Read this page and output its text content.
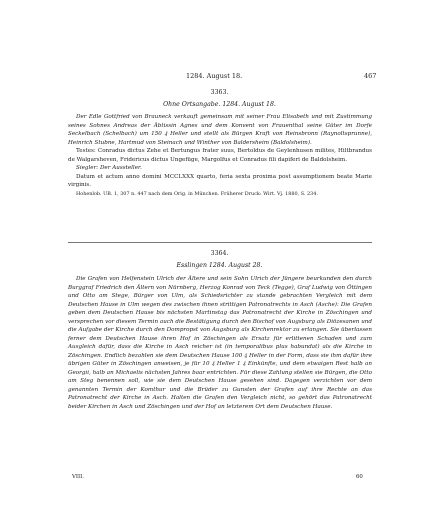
1284. August 18.	467
3363.
Ohne Ortsangabe. 1284. August 18.

Der Edle Gottfried von Brauneck verkauft gemeinsam mit seiner Frau Elisabeth und mit Zustimmung seines Sohnes Andreas der Äbtissin Agnes und dem Konvent von Frauenthal seine Güter im Dorfe Seckelbach (Schelbach) um 150 ₰ Heller und stellt als Bürgen Kraft von Reinsbronn (Raynoltsprunne), Heinrich Stubne, Hartmud von Steinach und Winther von Baldersheim (Baldolsheim).

Testes: Conradus dictus Zehe et Bertungus frater suus, Bertoldus de Geylenhusen milites, Hiltbrandus de Walgarsheven, Fridericus dictus Ungefüge, Margolfus et Conradus fili dapiferi de Baldolsheim.

Siegler: Der Aussteller.

Datum et actum anno domini MCCLXXX quarto, feria sexta proxima post assumptionem beate Marie virginis.

Hohenlob. UB. 1, 307 n. 447 nach dem Orig. in München. Früherer Druck: Wirt. Vj. 1880, S. 234.

3364.
Esslingen 1284. August 28.

Die Grafen von Helfenstein Ulrich der Ältere und sein Sohn Ulrich der Jüngere beurkunden den durch Burggraf Friedrich den Ältern von Nürnberg, Herzog Konrad von Teck (Tegge), Graf Ludwig von Öttingen und Otto am Stege, Bürger von Ulm, als Schiedsrichter zu stande gebrachten Vergleich mit dem Deutschen Hause in Ulm wegen des zwischen ihnen strittigen Patronatrechts in Asch (Asche): Die Grafen geben dem Deutschen Hause bis nächsten Martinstag das Patronatrecht der Kirche in Zöschingen und versprechen vor diesem Termin auch die Bestätigung durch den Bischof von Augsburg als Diözesanen und die Aufgabe der Kirche durch den Dompropst von Augsburg als Kirchenrektor zu erlangen. Sie überlassen ferner dem Deutschen Hause ihren Hof in Zöschingen als Ersatz für erlittenen Schaden und zum Ausgleich dafür, dass die Kirche in Asch reicher ist (in temporalibus plus habundat) als die Kirche in Zöschingen. Endlich bezahlen sie dem Deutschen Hause 100 ₰ Heller in der Form, dass sie ihm dafür ihre übrigen Güter in Zöschingen anweisen, je für 10 ₰ Heller 1 ₰ Einkünfte, und dem etwaigen Rest halb an Georgii, halb an Michaelis nächsten Jahres baar entrichten. Für diese Zahlung stellen sie Bürgen, die Otto am Steg benennen soll, wie sie dem Deutschen Hause gesehen sind. Dagegen verzichten vor dem genannten Termin der Komthur und die Brüder zu Gunsten der Grafen auf ihre Rechte an das Patronatrecht der Kirche in Asch. Halten die Grafen den Vergleich nicht, so gehört das Patronatrecht beider Kirchen in Asch und Zöschingen und der Hof an letzterem Ort dem Deutschen Hause.

VIII.	60
